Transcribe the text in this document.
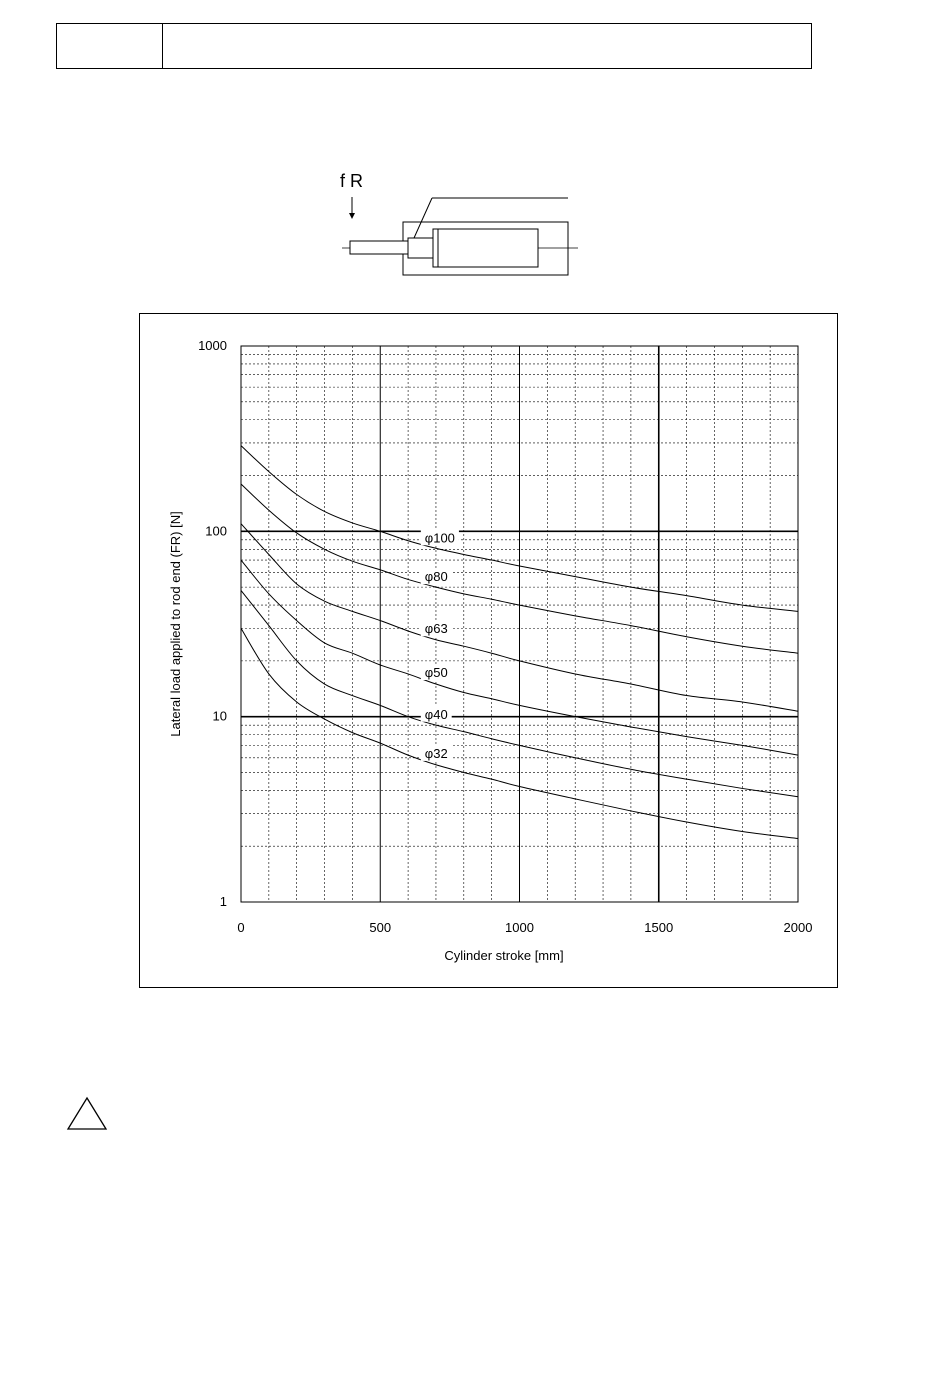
f R
φ100
φ80
φ63
φ50
φ40
φ32
0	500	1000	1500	2000
1
10
100
1000
Cylinder stroke [mm]
Lateral load applied to rod end (FR) [N]
